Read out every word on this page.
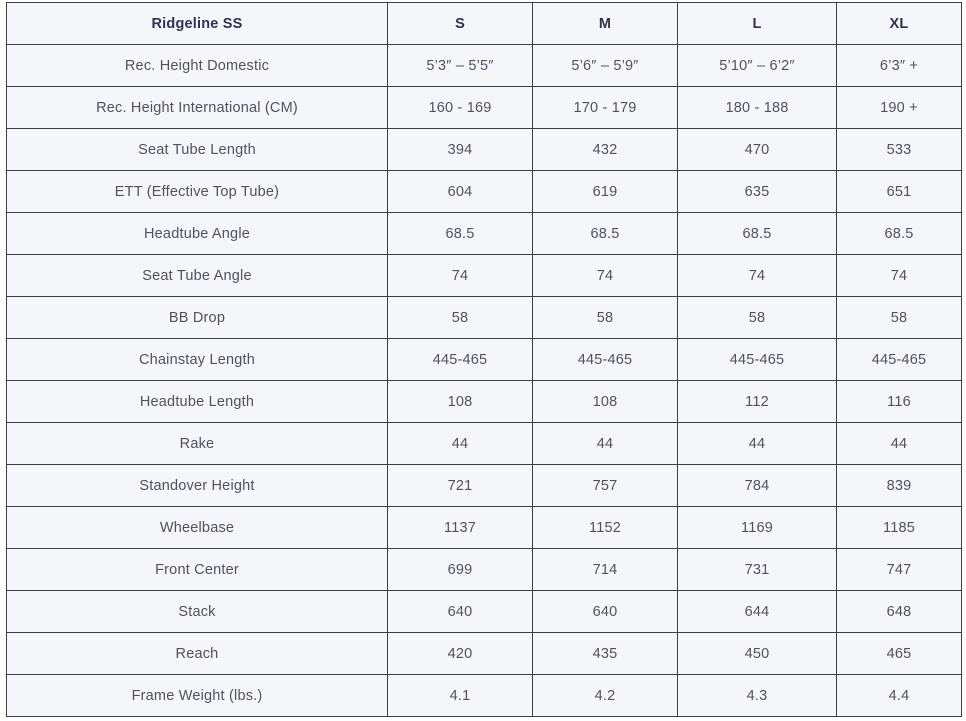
Ridgeline SS	S	M	L	XL
Rec. Height Domestic	5’3″ – 5’5″	5’6″ – 5’9″	5’10″ – 6’2″	6’3″ +
Rec. Height International (CM)	160 - 169	170 - 179	180 - 188	190 +
Seat Tube Length	394	432	470	533
ETT (Effective Top Tube)	604	619	635	651
Headtube Angle	68.5	68.5	68.5	68.5
Seat Tube Angle	74	74	74	74
BB Drop	58	58	58	58
Chainstay Length	445-465	445-465	445-465	445-465
Headtube Length	108	108	112	116
Rake	44	44	44	44
Standover Height	721	757	784	839
Wheelbase	1137	1152	1169	1185
Front Center	699	714	731	747
Stack	640	640	644	648
Reach	420	435	450	465
Frame Weight (lbs.)	4.1	4.2	4.3	4.4
